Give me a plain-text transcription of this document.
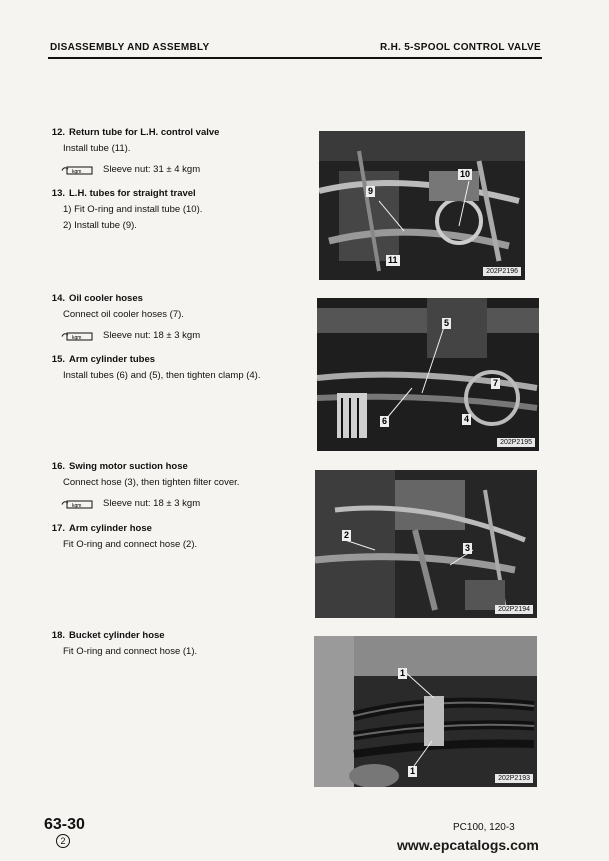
DISASSEMBLY AND ASSEMBLY	R.H. 5-SPOOL CONTROL VALVE
12. Return tube for L.H. control valve
Install tube (11).
kgm Sleeve nut: 31 ± 4 kgm
13. L.H. tubes for straight travel
1) Fit O-ring and install tube (10).
2) Install tube (9).
14. Oil cooler hoses
Connect oil cooler hoses (7).
kgm Sleeve nut: 18 ± 3 kgm
15. Arm cylinder tubes
Install tubes (6) and (5), then tighten clamp (4).
16. Swing motor suction hose
Connect hose (3), then tighten filter cover.
kgm Sleeve nut: 18 ± 3 kgm
17. Arm cylinder hose
Fit O-ring and connect hose (2).
18. Bucket cylinder hose
Fit O-ring and connect hose (1).
10
9
11
202P2196
5
7
4
6
202P2195
2
3
202P2194
1
1
202P2193
63-30
2
PC100, 120-3
www.epcatalogs.com
